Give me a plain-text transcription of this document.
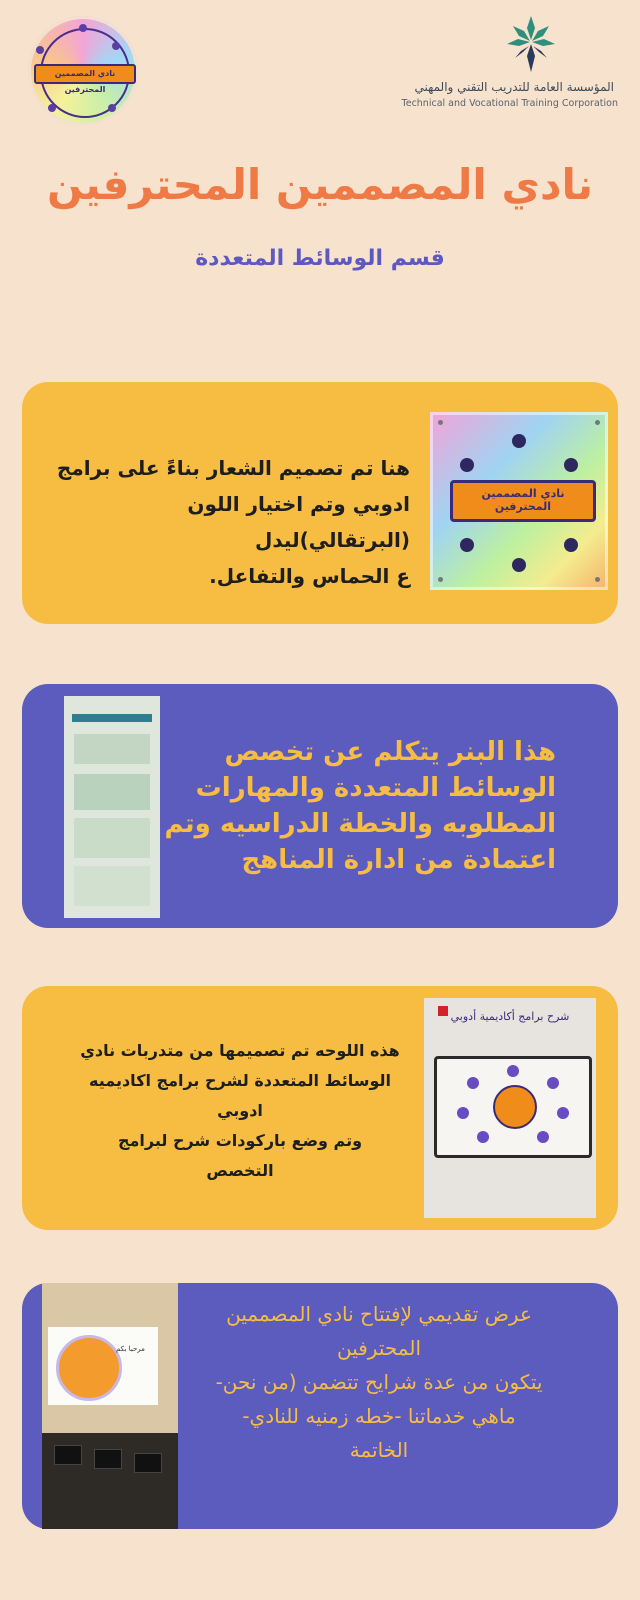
نادي المصممين المحترفين	المؤسسة العامة للتدريب التقني والمهني
Technical and Vocational Training Corporation
نادي المصممين المحترفين
قسم الوسائط المتعددة
نادي المصممين المحترفين
هنا تم تصميم الشعار بناءً على برامج
ادوبي وتم اختيار اللون (البرتقالي)ليدل
ع الحماس والتفاعل.
هذا البنر يتكلم عن تخصص
الوسائط المتعددة والمهارات
المطلوبه والخطة الدراسيه وتم
اعتمادة من ادارة المناهج
شرح برامج أكاديمية أدوبي
هذه اللوحه تم تصميمها من متدربات نادي
الوسائط المتعددة لشرح برامج اكاديميه
ادوبي
وتم وضع باركودات شرح لبرامج
التخصص
مرحبا بكم
عرض تقديمي لإفتتاح نادي المصممين
المحترفين
يتكون من عدة شرايح تتضمن (من نحن-
ماهي خدماتنا -خطه زمنيه للنادي-
الخاتمة
